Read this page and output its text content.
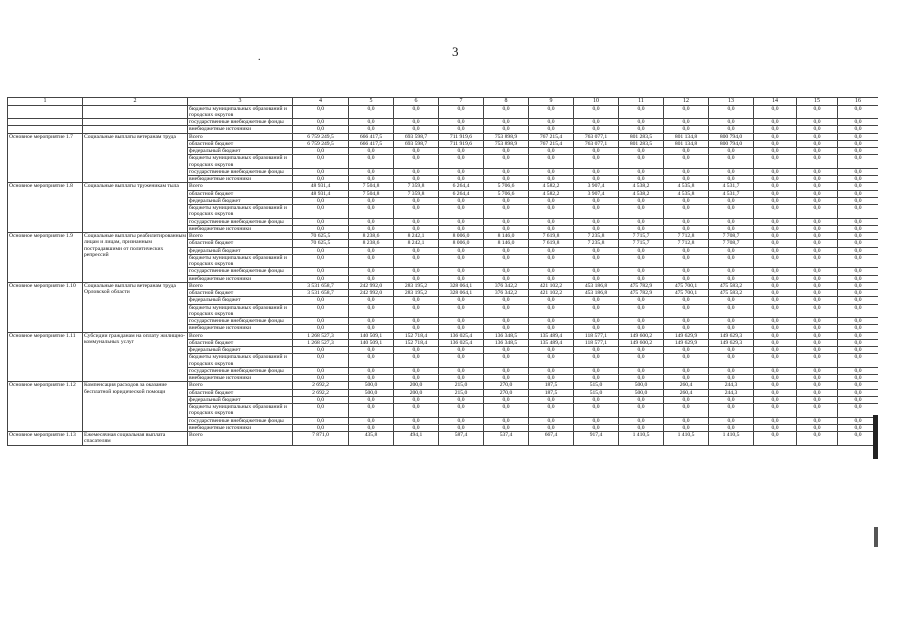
3
.
1	2	3	4	5	6	7	8	9	10	11	12	13	14	15	16
		бюджеты муниципальных образований и городских округов	0,0	0,0	0,0	0,0	0,0	0,0	0,0	0,0	0,0	0,0	0,0	0,0	0,0
		государственные внебюджетные фонды	0,0	0,0	0,0	0,0	0,0	0,0	0,0	0,0	0,0	0,0	0,0	0,0	0,0
		внебюджетные источники	0,0	0,0	0,0	0,0	0,0	0,0	0,0	0,0	0,0	0,0	0,0	0,0	0,0
Основное мероприятие 1.7	Социальные выплаты ветеранам труда	Всего	6 759 249,5	666 417,5	693 598,7	711 919,6	753 898,9	767 215,4	763 077,1	801 283,5	801 134,8	800 794,0	0,0	0,0	0,0
		областной бюджет	6 759 249,5	666 417,5	693 598,7	711 919,6	753 898,9	767 215,4	763 077,1	801 283,5	801 134,8	800 794,0	0,0	0,0	0,0
		федеральный бюджет	0,0	0,0	0,0	0,0	0,0	0,0	0,0	0,0	0,0	0,0	0,0	0,0	0,0
		бюджеты муниципальных образований и городских округов	0,0	0,0	0,0	0,0	0,0	0,0	0,0	0,0	0,0	0,0	0,0	0,0	0,0
		государственные внебюджетные фонды	0,0	0,0	0,0	0,0	0,0	0,0	0,0	0,0	0,0	0,0	0,0	0,0	0,0
		внебюджетные источники	0,0	0,0	0,0	0,0	0,0	0,0	0,0	0,0	0,0	0,0	0,0	0,0	0,0
Основное мероприятие 1.8	Социальные выплаты труженикам тыла	Всего	48 931,4	7 504,8	7 359,8	6 264,4	5 706,6	4 582,2	3 907,4	4 538,2	4 535,8	4 531,7	0,0	0,0	0,0
		областной бюджет	48 931,4	7 504,8	7 359,8	6 264,4	5 706,6	4 582,2	3 907,4	4 538,2	4 535,8	4 531,7	0,0	0,0	0,0
		федеральный бюджет	0,0	0,0	0,0	0,0	0,0	0,0	0,0	0,0	0,0	0,0	0,0	0,0	0,0
		бюджеты муниципальных образований и городских округов	0,0	0,0	0,0	0,0	0,0	0,0	0,0	0,0	0,0	0,0	0,0	0,0	0,0
		государственные внебюджетные фонды	0,0	0,0	0,0	0,0	0,0	0,0	0,0	0,0	0,0	0,0	0,0	0,0	0,0
		внебюджетные источники	0,0	0,0	0,0	0,0	0,0	0,0	0,0	0,0	0,0	0,0	0,0	0,0	0,0
Основное мероприятие 1.9	Социальные выплаты реабилитированным лицам и лицам, признанным пострадавшими от политических репрессий	Всего	70 625,5	8 238,6	8 242,1	8 006,0	8 146,0	7 619,8	7 235,8	7 715,7	7 712,8	7 708,7	0,0	0,0	0,0
		областной бюджет	70 625,5	8 238,6	8 242,1	8 006,0	8 146,0	7 619,8	7 235,8	7 715,7	7 712,8	7 708,7	0,0	0,0	0,0
		федеральный бюджет	0,0	0,0	0,0	0,0	0,0	0,0	0,0	0,0	0,0	0,0	0,0	0,0	0,0
		бюджеты муниципальных образований и городских округов	0,0	0,0	0,0	0,0	0,0	0,0	0,0	0,0	0,0	0,0	0,0	0,0	0,0
		государственные внебюджетные фонды	0,0	0,0	0,0	0,0	0,0	0,0	0,0	0,0	0,0	0,0	0,0	0,0	0,0
		внебюджетные источники	0,0	0,0	0,0	0,0	0,0	0,0	0,0	0,0	0,0	0,0	0,0	0,0	0,0
Основное мероприятие 1.10	Социальные выплаты ветеранам труда Орловской области	Всего	3 531 658,7	242 992,0	283 195,2	328 064,1	376 342,2	421 102,2	453 186,8	475 782,9	475 700,1	475 583,2	0,0	0,0	0,0
		областной бюджет	3 531 658,7	242 992,0	283 195,2	328 064,1	376 342,2	421 102,2	453 186,8	475 782,9	475 700,1	475 583,2	0,0	0,0	0,0
		федеральный бюджет	0,0	0,0	0,0	0,0	0,0	0,0	0,0	0,0	0,0	0,0	0,0	0,0	0,0
		бюджеты муниципальных образований и городских округов	0,0	0,0	0,0	0,0	0,0	0,0	0,0	0,0	0,0	0,0	0,0	0,0	0,0
		государственные внебюджетные фонды	0,0	0,0	0,0	0,0	0,0	0,0	0,0	0,0	0,0	0,0	0,0	0,0	0,0
		внебюджетные источники	0,0	0,0	0,0	0,0	0,0	0,0	0,0	0,0	0,0	0,0	0,0	0,0	0,0
Основное мероприятие 1.11	Субсидии гражданам на оплату жилищно-коммунальных услуг	Всего	1 268 527,3	140 509,1	152 718,4	136 025,4	136 348,5	135 489,4	118 577,1	149 600,2	149 629,9	149 629,3	0,0	0,0	0,0
		областной бюджет	1 268 527,3	140 509,1	152 718,4	136 025,4	136 348,5	135 489,4	118 577,1	149 600,2	149 629,9	149 629,3	0,0	0,0	0,0
		федеральный бюджет	0,0	0,0	0,0	0,0	0,0	0,0	0,0	0,0	0,0	0,0	0,0	0,0	0,0
		бюджеты муниципальных образований и городских округов	0,0	0,0	0,0	0,0	0,0	0,0	0,0	0,0	0,0	0,0	0,0	0,0	0,0
		государственные внебюджетные фонды	0,0	0,0	0,0	0,0	0,0	0,0	0,0	0,0	0,0	0,0	0,0	0,0	0,0
		внебюджетные источники	0,0	0,0	0,0	0,0	0,0	0,0	0,0	0,0	0,0	0,0	0,0	0,0	0,0
Основное мероприятие 1.12	Компенсация расходов за оказание бесплатной юридической помощи	Всего	2 692,2	500,0	200,0	215,0	270,0	187,5	515,0	500,0	260,4	244,3	0,0	0,0	0,0
		областной бюджет	2 692,2	500,0	200,0	215,0	270,0	187,5	515,0	500,0	260,4	244,3	0,0	0,0	0,0
		федеральный бюджет	0,0	0,0	0,0	0,0	0,0	0,0	0,0	0,0	0,0	0,0	0,0	0,0	0,0
		бюджеты муниципальных образований и городских округов	0,0	0,0	0,0	0,0	0,0	0,0	0,0	0,0	0,0	0,0	0,0	0,0	0,0
		государственные внебюджетные фонды	0,0	0,0	0,0	0,0	0,0	0,0	0,0	0,0	0,0	0,0	0,0	0,0	0,0
		внебюджетные источники	0,0	0,0	0,0	0,0	0,0	0,0	0,0	0,0	0,0	0,0	0,0	0,0	0,0
Основное мероприятие 1.13	Ежемесячная социальная выплата спасателям	Всего	7 871,0	435,8	494,1	587,4	537,4	667,4	917,4	1 410,5	1 410,5	1 410,5	0,0	0,0	0,0
